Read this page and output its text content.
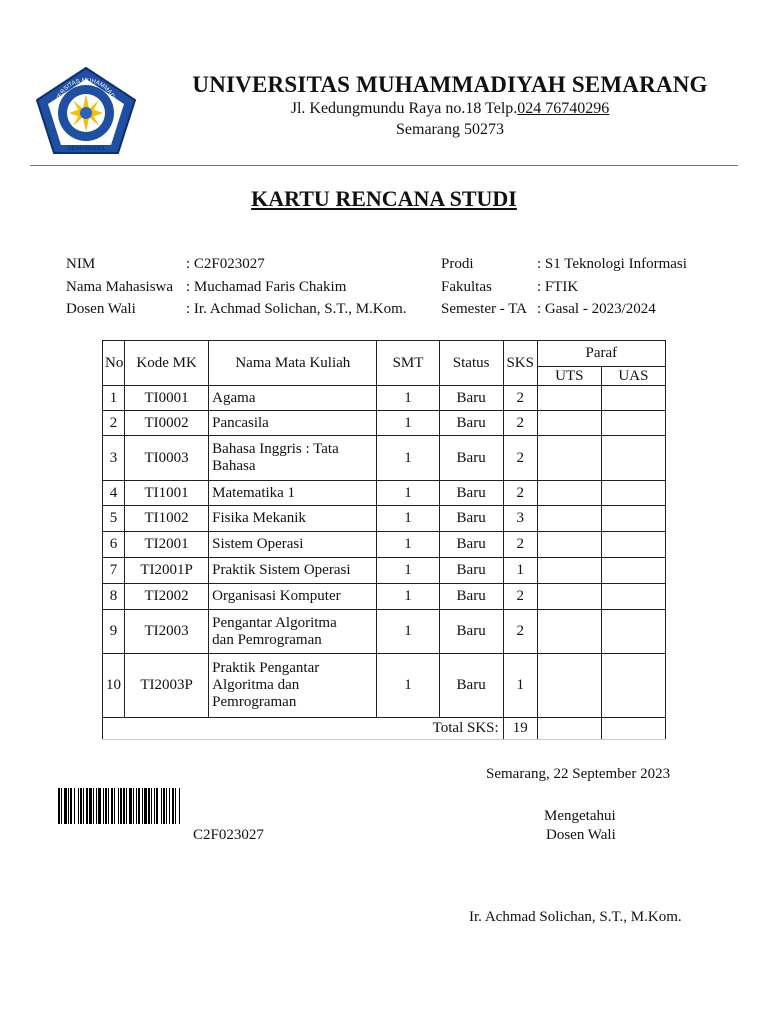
SEMARANG
UNIVERSITAS MUHAMMADIYAH
UNIVERSITAS MUHAMMADIYAH SEMARANG
Jl. Kedungmundu Raya no.18 Telp.024 76740296
Semarang 50273
KARTU RENCANA STUDI
NIM	: C2F023027	Prodi	: S1 Teknologi Informasi
Nama Mahasiswa : Muchamad Faris Chakim	Fakultas	: FTIK
Dosen Wali	: Ir. Achmad Solichan, S.T., M.Kom. Semester - TA : Gasal - 2023/2024
No	Kode MK	Nama Mata Kuliah	SMT	Status	SKS	Paraf	
						UTS	UAS
1	TI0001	Agama	1	Baru	2		
2	TI0002	Pancasila	1	Baru	2		
3	TI0003	Bahasa Inggris : Tata
Bahasa	1	Baru	2		
4	TI1001	Matematika 1	1	Baru	2		
5	TI1002	Fisika Mekanik	1	Baru	3		
6	TI2001	Sistem Operasi	1	Baru	2		
7	TI2001P	Praktik Sistem Operasi	1	Baru	1		
8	TI2002	Organisasi Komputer	1	Baru	2		
9	TI2003	Pengantar Algoritma
dan Pemrograman	1	Baru	2		
10	TI2003P	Praktik Pengantar
Algoritma dan
Pemrograman	1	Baru	1		
Total SKS:					19		
Semarang, 22 September 2023
C2F023027
Mengetahui
Dosen Wali
Ir. Achmad Solichan, S.T., M.Kom.
